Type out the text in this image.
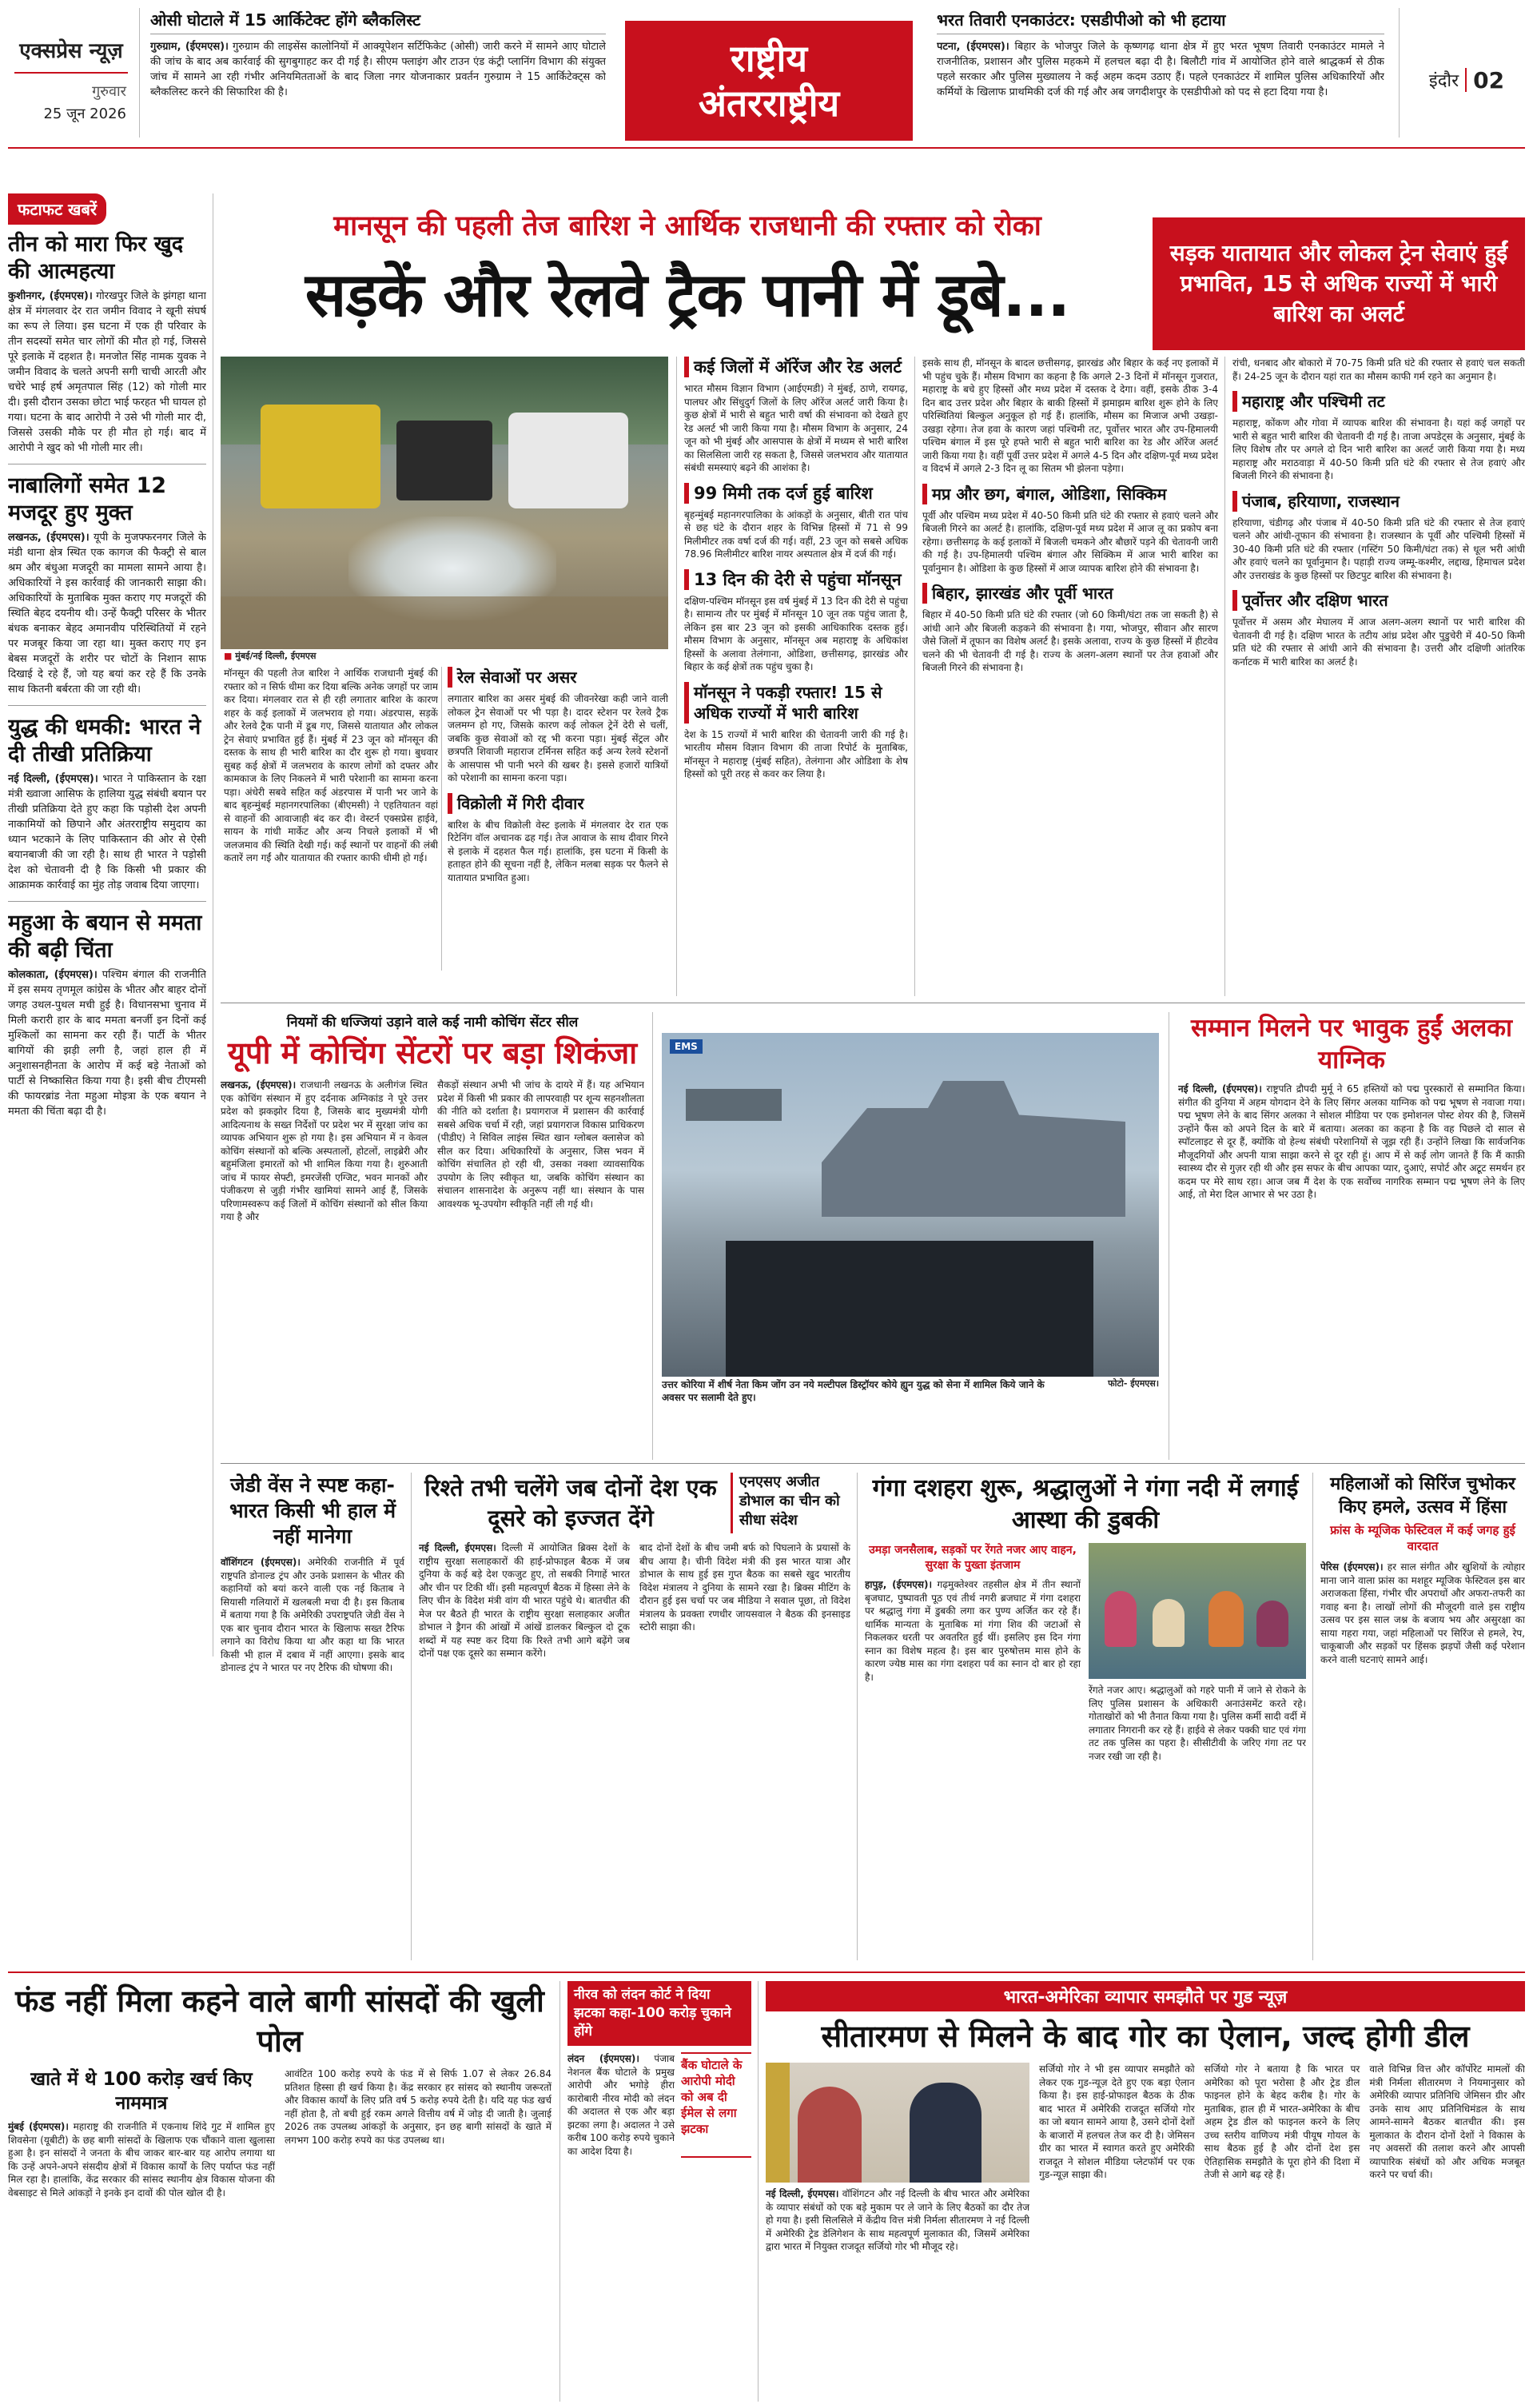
एक्सप्रेस न्यूज़
गुरुवार
25 जून 2026
ओसी घोटाले में 15 आर्किटेक्ट होंगे ब्लैकलिस्ट
गुरुग्राम, (ईएमएस)। गुरुग्राम की लाइसेंस कालोनियों में आक्यूपेशन सर्टिफिकेट (ओसी) जारी करने में सामने आए घोटाले की जांच के बाद अब कार्रवाई की सुगबुगाहट कर दी गई है। सीएम फ्लाइंग और टाउन एंड कंट्री प्लानिंग विभाग की संयुक्त जांच में सामने आ रही गंभीर अनियमितताओं के बाद जिला नगर योजनाकार प्रवर्तन गुरुग्राम ने 15 आर्किटेक्ट्स को ब्लैकलिस्ट करने की सिफारिश की है।
राष्ट्रीय
अंतरराष्ट्रीय
भरत तिवारी एनकाउंटर: एसडीपीओ को भी हटाया
पटना, (ईएमएस)। बिहार के भोजपुर जिले के कृष्णगढ़ थाना क्षेत्र में हुए भरत भूषण तिवारी एनकाउंटर मामले ने राजनीतिक, प्रशासन और पुलिस महकमे में हलचल बढ़ा दी है। बिलौटी गांव में आयोजित होने वाले श्राद्धकर्म से ठीक पहले सरकार और पुलिस मुख्यालय ने कई अहम कदम उठाए हैं। पहले एनकाउंटर में शामिल पुलिस अधिकारियों और कर्मियों के खिलाफ प्राथमिकी दर्ज की गई और अब जगदीशपुर के एसडीपीओ को पद से हटा दिया गया है।
इंदौर 02
फटाफट खबरें
तीन को मारा फिर खुद की आत्महत्या
कुशीनगर, (ईएमएस)। गोरखपुर जिले के झंगहा थाना क्षेत्र में मंगलवार देर रात जमीन विवाद ने खूनी संघर्ष का रूप ले लिया। इस घटना में एक ही परिवार के तीन सदस्यों समेत चार लोगों की मौत हो गई, जिससे पूरे इलाके में दहशत है। मनजोत सिंह नामक युवक ने जमीन विवाद के चलते अपनी सगी चाची आरती और चचेरे भाई हर्ष अमृतपाल सिंह (12) को गोली मार दी। इसी दौरान उसका छोटा भाई फरहत भी घायल हो गया। घटना के बाद आरोपी ने उसे भी गोली मार दी, जिससे उसकी मौके पर ही मौत हो गई। बाद में आरोपी ने खुद को भी गोली मार ली।
नाबालिगों समेत 12 मजदूर हुए मुक्त
लखनऊ, (ईएमएस)। यूपी के मुजफ्फरनगर जिले के मंडी थाना क्षेत्र स्थित एक कागज की फैक्ट्री से बाल श्रम और बंधुआ मजदूरी का मामला सामने आया है। अधिकारियों ने इस कार्रवाई की जानकारी साझा की। अधिकारियों के मुताबिक मुक्त कराए गए मजदूरों की स्थिति बेहद दयनीय थी। उन्हें फैक्ट्री परिसर के भीतर बंधक बनाकर बेहद अमानवीय परिस्थितियों में रहने पर मजबूर किया जा रहा था। मुक्त कराए गए इन बेबस मजदूरों के शरीर पर चोटों के निशान साफ दिखाई दे रहे हैं, जो यह बयां कर रहे हैं कि उनके साथ कितनी बर्बरता की जा रही थी।
युद्ध की धमकी: भारत ने दी तीखी प्रतिक्रिया
नई दिल्ली, (ईएमएस)। भारत ने पाकिस्तान के रक्षा मंत्री ख्वाजा आसिफ के हालिया युद्ध संबंधी बयान पर तीखी प्रतिक्रिया देते हुए कहा कि पड़ोसी देश अपनी नाकामियों को छिपाने और अंतरराष्ट्रीय समुदाय का ध्यान भटकाने के लिए पाकिस्तान की ओर से ऐसी बयानबाजी की जा रही है। साथ ही भारत ने पड़ोसी देश को चेतावनी दी है कि किसी भी प्रकार की आक्रामक कार्रवाई का मुंह तोड़ जवाब दिया जाएगा।
महुआ के बयान से ममता की बढ़ी चिंता
कोलकाता, (ईएमएस)। पश्चिम बंगाल की राजनीति में इस समय तृणमूल कांग्रेस के भीतर और बाहर दोनों जगह उथल-पुथल मची हुई है। विधानसभा चुनाव में मिली करारी हार के बाद ममता बनर्जी इन दिनों कई मुश्किलों का सामना कर रही हैं। पार्टी के भीतर बागियों की झड़ी लगी है, जहां हाल ही में अनुशासनहीनता के आरोप में कई बड़े नेताओं को पार्टी से निष्कासित किया गया है। इसी बीच टीएमसी की फायरब्रांड नेता महुआ मोइत्रा के एक बयान ने ममता की चिंता बढ़ा दी है।
मानसून की पहली तेज बारिश ने आर्थिक राजधानी की रफ्तार को रोका
सड़कें और रेलवे ट्रैक पानी में डूबे...
सड़क यातायात और लोकल ट्रेन सेवाएं हुईं प्रभावित, 15 से अधिक राज्यों में भारी बारिश का अलर्ट
■ मुंबई/नई दिल्ली, ईएमएस
मॉनसून की पहली तेज बारिश ने आर्थिक राजधानी मुंबई की रफ्तार को न सिर्फ धीमा कर दिया बल्कि अनेक जगहों पर जाम कर दिया। मंगलवार रात से ही रही लगातार बारिश के कारण शहर के कई इलाकों में जलभराव हो गया। अंडरपास, सड़कें और रेलवे ट्रैक पानी में डूब गए, जिससे यातायात और लोकल ट्रेन सेवाएं प्रभावित हुई हैं। मुंबई में 23 जून को मॉनसून की दस्तक के साथ ही भारी बारिश का दौर शुरू हो गया। बुधवार सुबह कई क्षेत्रों में जलभराव के कारण लोगों को दफ्तर और कामकाज के लिए निकलने में भारी परेशानी का सामना करना पड़ा। अंधेरी सबवे सहित कई अंडरपास में पानी भर जाने के बाद बृहन्मुंबई महानगरपालिका (बीएमसी) ने एहतियातन वहां से वाहनों की आवाजाही बंद कर दी। वेस्टर्न एक्सप्रेस हाईवे, सायन के गांधी मार्केट और अन्य निचले इलाकों में भी जलजमाव की स्थिति देखी गई। कई स्थानों पर वाहनों की लंबी कतारें लग गईं और यातायात की रफ्तार काफी धीमी हो गई।
रेल सेवाओं पर असर
लगातार बारिश का असर मुंबई की जीवनरेखा कही जाने वाली लोकल ट्रेन सेवाओं पर भी पड़ा है। दादर स्टेशन पर रेलवे ट्रैक जलमग्न हो गए, जिसके कारण कई लोकल ट्रेनें देरी से चलीं, जबकि कुछ सेवाओं को रद्द भी करना पड़ा। मुंबई सेंट्रल और छत्रपति शिवाजी महाराज टर्मिनस सहित कई अन्य रेलवे स्टेशनों के आसपास भी पानी भरने की खबर है। इससे हजारों यात्रियों को परेशानी का सामना करना पड़ा।
विक्रोली में गिरी दीवार
बारिश के बीच विक्रोली वेस्ट इलाके में मंगलवार देर रात एक रिटेनिंग वॉल अचानक ढह गई। तेज आवाज के साथ दीवार गिरने से इलाके में दहशत फैल गई। हालांकि, इस घटना में किसी के हताहत होने की सूचना नहीं है, लेकिन मलबा सड़क पर फैलने से यातायात प्रभावित हुआ।
कई जिलों में ऑरेंज और रेड अलर्ट
भारत मौसम विज्ञान विभाग (आईएमडी) ने मुंबई, ठाणे, रायगढ़, पालघर और सिंधुदुर्ग जिलों के लिए ऑरेंज अलर्ट जारी किया है। कुछ क्षेत्रों में भारी से बहुत भारी वर्षा की संभावना को देखते हुए रेड अलर्ट भी जारी किया गया है। मौसम विभाग के अनुसार, 24 जून को भी मुंबई और आसपास के क्षेत्रों में मध्यम से भारी बारिश का सिलसिला जारी रह सकता है, जिससे जलभराव और यातायात संबंधी समस्याएं बढ़ने की आशंका है।
99 मिमी तक दर्ज हुई बारिश
बृहन्मुंबई महानगरपालिका के आंकड़ों के अनुसार, बीती रात पांच से छह घंटे के दौरान शहर के विभिन्न हिस्सों में 71 से 99 मिलीमीटर तक वर्षा दर्ज की गई। वहीं, 23 जून को सबसे अधिक 78.96 मिलीमीटर बारिश नायर अस्पताल क्षेत्र में दर्ज की गई।
13 दिन की देरी से पहुंचा मॉनसून
दक्षिण-पश्चिम मॉनसून इस वर्ष मुंबई में 13 दिन की देरी से पहुंचा है। सामान्य तौर पर मुंबई में मॉनसून 10 जून तक पहुंच जाता है, लेकिन इस बार 23 जून को इसकी आधिकारिक दस्तक हुई। मौसम विभाग के अनुसार, मॉनसून अब महाराष्ट्र के अधिकांश हिस्सों के अलावा तेलंगाना, ओडिशा, छत्तीसगढ़, झारखंड और बिहार के कई क्षेत्रों तक पहुंच चुका है।
मॉनसून ने पकड़ी रफ्तार! 15 से अधिक राज्यों में भारी बारिश
देश के 15 राज्यों में भारी बारिश की चेतावनी जारी की गई है। भारतीय मौसम विज्ञान विभाग की ताजा रिपोर्ट के मुताबिक, मॉनसून ने महाराष्ट्र (मुंबई सहित), तेलंगाना और ओडिशा के शेष हिस्सों को पूरी तरह से कवर कर लिया है।
इसके साथ ही, मॉनसून के बादल छत्तीसगढ़, झारखंड और बिहार के कई नए इलाकों में भी पहुंच चुके हैं। मौसम विभाग का कहना है कि अगले 2-3 दिनों में मॉनसून गुजरात, महाराष्ट्र के बचे हुए हिस्सों और मध्य प्रदेश में दस्तक दे देगा। वहीं, इसके ठीक 3-4 दिन बाद उत्तर प्रदेश और बिहार के बाकी हिस्सों में झमाझम बारिश शुरू होने के लिए परिस्थितियां बिल्कुल अनुकूल हो गई हैं। हालांकि, मौसम का मिजाज अभी उखड़ा-उखड़ा रहेगा। तेज हवा के कारण जहां पश्चिमी तट, पूर्वोत्तर भारत और उप-हिमालयी पश्चिम बंगाल में इस पूरे हफ्ते भारी से बहुत भारी बारिश का रेड और ऑरेंज अलर्ट जारी किया गया है। वहीं पूर्वी उत्तर प्रदेश में अगले 4-5 दिन और दक्षिण-पूर्व मध्य प्रदेश व विदर्भ में अगले 2-3 दिन लू का सितम भी झेलना पड़ेगा।
मप्र और छग, बंगाल, ओडिशा, सिक्किम
पूर्वी और पश्चिम मध्य प्रदेश में 40-50 किमी प्रति घंटे की रफ्तार से हवाएं चलने और बिजली गिरने का अलर्ट है। हालांकि, दक्षिण-पूर्व मध्य प्रदेश में आज लू का प्रकोप बना रहेगा। छत्तीसगढ़ के कई इलाकों में बिजली चमकने और बौछारें पड़ने की चेतावनी जारी की गई है। उप-हिमालयी पश्चिम बंगाल और सिक्किम में आज भारी बारिश का पूर्वानुमान है। ओडिशा के कुछ हिस्सों में आज व्यापक बारिश होने की संभावना है।
बिहार, झारखंड और पूर्वी भारत
बिहार में 40-50 किमी प्रति घंटे की रफ्तार (जो 60 किमी/घंटा तक जा सकती है) से आंधी आने और बिजली कड़कने की संभावना है। गया, भोजपुर, सीवान और सारण जैसे जिलों में तूफान का विशेष अलर्ट है। इसके अलावा, राज्य के कुछ हिस्सों में हीटवेव चलने की भी चेतावनी दी गई है। राज्य के अलग-अलग स्थानों पर तेज हवाओं और बिजली गिरने की संभावना है।
रांची, धनबाद और बोकारो में 70-75 किमी प्रति घंटे की रफ्तार से हवाएं चल सकती हैं। 24-25 जून के दौरान यहां रात का मौसम काफी गर्म रहने का अनुमान है।
महाराष्ट्र और पश्चिमी तट
महाराष्ट्र, कोंकण और गोवा में व्यापक बारिश की संभावना है। यहां कई जगहों पर भारी से बहुत भारी बारिश की चेतावनी दी गई है। ताजा अपडेट्स के अनुसार, मुंबई के लिए विशेष तौर पर अगले दो दिन भारी बारिश का अलर्ट जारी किया गया है। मध्य महाराष्ट्र और मराठवाड़ा में 40-50 किमी प्रति घंटे की रफ्तार से तेज हवाएं और बिजली गिरने की संभावना है।
पंजाब, हरियाणा, राजस्थान
हरियाणा, चंडीगढ़ और पंजाब में 40-50 किमी प्रति घंटे की रफ्तार से तेज हवाएं चलने और आंधी-तूफान की संभावना है। राजस्थान के पूर्वी और पश्चिमी हिस्सों में 30-40 किमी प्रति घंटे की रफ्तार (गस्टिंग 50 किमी/घंटा तक) से धूल भरी आंधी और हवाएं चलने का पूर्वानुमान है। पहाड़ी राज्य जम्मू-कश्मीर, लद्दाख, हिमाचल प्रदेश और उत्तराखंड के कुछ हिस्सों पर छिटपुट बारिश की संभावना है।
पूर्वोत्तर और दक्षिण भारत
पूर्वोत्तर में असम और मेघालय में आज अलग-अलग स्थानों पर भारी बारिश की चेतावनी दी गई है। दक्षिण भारत के तटीय आंध्र प्रदेश और पुडुचेरी में 40-50 किमी प्रति घंटे की रफ्तार से आंधी आने की संभावना है। उत्तरी और दक्षिणी आंतरिक कर्नाटक में भारी बारिश का अलर्ट है।
नियमों की धज्जियां उड़ाने वाले कई नामी कोचिंग सेंटर सील
यूपी में कोचिंग सेंटरों पर बड़ा शिकंजा
लखनऊ, (ईएमएस)। राजधानी लखनऊ के अलीगंज स्थित एक कोचिंग संस्थान में हुए दर्दनाक अग्निकांड ने पूरे उत्तर प्रदेश को झकझोर दिया है, जिसके बाद मुख्यमंत्री योगी आदित्यनाथ के सख्त निर्देशों पर प्रदेश भर में सुरक्षा जांच का व्यापक अभियान शुरू हो गया है। इस अभियान में न केवल कोचिंग संस्थानों को बल्कि अस्पतालों, होटलों, लाइब्रेरी और बहुमंजिला इमारतों को भी शामिल किया गया है। शुरुआती जांच में फायर सेफ्टी, इमरजेंसी एग्जिट, भवन मानकों और पंजीकरण से जुड़ी गंभीर खामियां सामने आई हैं, जिसके परिणामस्वरूप कई जिलों में कोचिंग संस्थानों को सील किया गया है और
सैकड़ों संस्थान अभी भी जांच के दायरे में हैं। यह अभियान प्रदेश में किसी भी प्रकार की लापरवाही पर शून्य सहनशीलता की नीति को दर्शाता है। प्रयागराज में प्रशासन की कार्रवाई सबसे अधिक चर्चा में रही, जहां प्रयागराज विकास प्राधिकरण (पीडीए) ने सिविल लाइंस स्थित खान ग्लोबल क्लासेज को सील कर दिया। अधिकारियों के अनुसार, जिस भवन में कोचिंग संचालित हो रही थी, उसका नक्शा व्यावसायिक उपयोग के लिए स्वीकृत था, जबकि कोचिंग संस्थान का संचालन शासनादेश के अनुरूप नहीं था। संस्थान के पास आवश्यक भू-उपयोग स्वीकृति नहीं ली गई थी।
EMS
उत्तर कोरिया में शीर्ष नेता किम जोंग उन नये मल्टीपल डिस्ट्रॉयर कोये ह्युन युद्ध को सेना में शामिल किये जाने के अवसर पर सलामी देते हुए।
फोटो- ईएमएस।
सम्मान मिलने पर भावुक हुईं अलका याग्निक
नई दिल्ली, (ईएमएस)। राष्ट्रपति द्रौपदी मुर्मू ने 65 हस्तियों को पद्म पुरस्कारों से सम्मानित किया। संगीत की दुनिया में अहम योगदान देने के लिए सिंगर अलका याग्निक को पद्म भूषण से नवाजा गया। पद्म भूषण लेने के बाद सिंगर अलका ने सोशल मीडिया पर एक इमोशनल पोस्ट शेयर की है, जिसमें उन्होंने फैंस को अपने दिल के बारे में बताया। अलका का कहना है कि वह पिछले दो साल से स्पॉटलाइट से दूर हैं, क्योंकि वो हेल्थ संबंधी परेशानियों से जूझ रही हैं। उन्होंने लिखा कि सार्वजनिक मौजूदगियों और अपनी यात्रा साझा करने से दूर रही हूं। आप में से कई लोग जानते हैं कि मैं काफ़ी स्वास्थ्य दौर से गुज़र रही थी और इस सफर के बीच आपका प्यार, दुआएं, सपोर्ट और अटूट समर्थन हर कदम पर मेरे साथ रहा। आज जब मैं देश के एक सर्वोच्च नागरिक सम्मान पद्म भूषण लेने के लिए आई, तो मेरा दिल आभार से भर उठा है।
जेडी वेंस ने स्पष्ट कहा-भारत किसी भी हाल में नहीं मानेगा
वॉशिंगटन (ईएमएस)। अमेरिकी राजनीति में पूर्व राष्ट्रपति डोनाल्ड ट्रंप और उनके प्रशासन के भीतर की कहानियों को बयां करने वाली एक नई किताब ने सियासी गलियारों में खलबली मचा दी है। इस किताब में बताया गया है कि अमेरिकी उपराष्ट्रपति जेडी वेंस ने एक बार चुनाव दौरान भारत के खिलाफ सख्त टैरिफ लगाने का विरोध किया था और कहा था कि भारत किसी भी हाल में दबाव में नहीं आएगा। इसके बाद डोनाल्ड ट्रंप ने भारत पर नए टैरिफ की घोषणा की।
रिश्ते तभी चलेंगे जब दोनों देश एक दूसरे को इज्जत देंगे
एनएसए अजीत डोभाल का चीन को सीधा संदेश
नई दिल्ली, ईएमएस। दिल्ली में आयोजित ब्रिक्स देशों के राष्ट्रीय सुरक्षा सलाहकारों की हाई-प्रोफाइल बैठक में जब दुनिया के कई बड़े देश एकजुट हुए, तो सबकी निगाहें भारत और चीन पर टिकी थीं। इसी महत्वपूर्ण बैठक में हिस्सा लेने के लिए चीन के विदेश मंत्री वांग यी भारत पहुंचे थे। बातचीत की मेज पर बैठते ही भारत के राष्ट्रीय सुरक्षा सलाहकार अजीत डोभाल ने ड्रैगन की आंखों में आंखें डालकर बिल्कुल दो टूक शब्दों में यह स्पष्ट कर दिया कि रिश्ते तभी आगे बढ़ेंगे जब दोनों पक्ष एक दूसरे का सम्मान करेंगे।
बाद दोनों देशों के बीच जमी बर्फ को पिघलाने के प्रयासों के बीच आया है। चीनी विदेश मंत्री की इस भारत यात्रा और डोभाल के साथ हुई इस गुप्त बैठक का सबसे खुद भारतीय विदेश मंत्रालय ने दुनिया के सामने रखा है। ब्रिक्स मीटिंग के दौरान हुई इस चर्चा पर जब मीडिया ने सवाल पूछा, तो विदेश मंत्रालय के प्रवक्ता रणधीर जायसवाल ने बैठक की इनसाइड स्टोरी साझा की।
गंगा दशहरा शुरू, श्रद्धालुओं ने गंगा नदी में लगाई आस्था की डुबकी
उमड़ा जनसैलाब, सड़कों पर रेंगते नजर आए वाहन, सुरक्षा के पुख्ता इंतजाम
हापुड़, (ईएमएस)। गढ़मुक्तेश्वर तहसील क्षेत्र में तीन स्थानों बृजघाट, पुष्पावती पूठ एवं तीर्थ नगरी ब्रजघाट में गंगा दशहरा पर श्रद्धालु गंगा में डुबकी लगा कर पुण्य अर्जित कर रहे हैं। धार्मिक मान्यता के मुताबिक मां गंगा शिव की जटाओं से निकलकर धरती पर अवतरित हुई थीं। इसलिए इस दिन गंगा स्नान का विशेष महत्व है। इस बार पुरुषोत्तम मास होने के कारण ज्येष्ठ मास का गंगा दशहरा पर्व का स्नान दो बार हो रहा है।
रेंगते नजर आए। श्रद्धालुओं को गहरे पानी में जाने से रोकने के लिए पुलिस प्रशासन के अधिकारी अनाउंसमेंट करते रहे। गोताखोरों को भी तैनात किया गया है। पुलिस कर्मी सादी वर्दी में लगातार निगरानी कर रहे हैं। हाईवे से लेकर पक्की घाट एवं गंगा तट तक पुलिस का पहरा है। सीसीटीवी के जरिए गंगा तट पर नजर रखी जा रही है।
महिलाओं को सिरिंज चुभोकर किए हमले, उत्सव में हिंसा
फ्रांस के म्यूजिक फेस्टिवल में कई जगह हुई वारदात
पेरिस (ईएमएस)। हर साल संगीत और खुशियों के त्योहार माना जाने वाला फ्रांस का मशहूर म्यूजिक फेस्टिवल इस बार अराजकता हिंसा, गंभीर चीर अपराधों और अफरा-तफरी का गवाह बना है। लाखों लोगों की मौजूदगी वाले इस राष्ट्रीय उत्सव पर इस साल जश्न के बजाय भय और असुरक्षा का साया गहरा गया, जहां महिलाओं पर सिरिंज से हमले, रेप, चाकूबाजी और सड़कों पर हिंसक झड़पों जैसी कई परेशान करने वाली घटनाएं सामने आई।
फंड नहीं मिला कहने वाले बागी सांसदों की खुली पोल
खाते में थे 100 करोड़ खर्च किए नाममात्र
मुंबई (ईएमएस)। महाराष्ट्र की राजनीति में एकनाथ शिंदे गुट में शामिल हुए शिवसेना (यूबीटी) के छह बागी सांसदों के खिलाफ एक चौंकाने वाला खुलासा हुआ है। इन सांसदों ने जनता के बीच जाकर बार-बार यह आरोप लगाया था कि उन्हें अपने-अपने संसदीय क्षेत्रों में विकास कार्यों के लिए पर्याप्त फंड नहीं मिल रहा है। हालांकि, केंद्र सरकार की सांसद स्थानीय क्षेत्र विकास योजना की वेबसाइट से मिले आंकड़ों ने इनके इन दावों की पोल खोल दी है।
आवंटित 100 करोड़ रुपये के फंड में से सिर्फ 1.07 से लेकर 26.84 प्रतिशत हिस्सा ही खर्च किया है। केंद्र सरकार हर सांसद को स्थानीय जरूरतों और विकास कार्यों के लिए प्रति वर्ष 5 करोड़ रुपये देती है। यदि यह फंड खर्च नहीं होता है, तो बची हुई रकम अगले वित्तीय वर्ष में जोड़ दी जाती है। जुलाई 2026 तक उपलब्ध आंकड़ों के अनुसार, इन छह बागी सांसदों के खाते में लगभग 100 करोड़ रुपये का फंड उपलब्ध था।
नीरव को लंदन कोर्ट ने दिया झटका कहा-100 करोड़ चुकाने होंगे
लंदन (ईएमएस)। पंजाब नेशनल बैंक घोटाले के प्रमुख आरोपी और भगोड़े हीरा कारोबारी नीरव मोदी को लंदन की अदालत से एक और बड़ा झटका लगा है। अदालत ने उसे करीब 100 करोड़ रुपये चुकाने का आदेश दिया है।
बैंक घोटाले के आरोपी मोदी को अब दी ईमेल से लगा झटका
भारत-अमेरिका व्यापार समझौते पर गुड न्यूज़
सीतारमण से मिलने के बाद गोर का ऐलान, जल्द होगी डील
नई दिल्ली, ईएमएस। वॉशिंगटन और नई दिल्ली के बीच भारत और अमेरिका के व्यापार संबंधों को एक बड़े मुकाम पर ले जाने के लिए बैठकों का दौर तेज हो गया है। इसी सिलसिले में केंद्रीय वित्त मंत्री निर्मला सीतारमण ने नई दिल्ली में अमेरिकी ट्रेड डेलिगेशन के साथ महत्वपूर्ण मुलाकात की, जिसमें अमेरिका द्वारा भारत में नियुक्त राजदूत सर्जियो गोर भी मौजूद रहे।
सर्जियो गोर ने भी इस व्यापार समझौते को लेकर एक गुड-न्यूज़ देते हुए एक बड़ा ऐलान किया है। इस हाई-प्रोफाइल बैठक के ठीक बाद भारत में अमेरिकी राजदूत सर्जियो गोर का जो बयान सामने आया है, उसने दोनों देशों के बाजारों में हलचल तेज कर दी है। जेमिसन ग्रीर का भारत में स्वागत करते हुए अमेरिकी राजदूत ने सोशल मीडिया प्लेटफॉर्म पर एक गुड-न्यूज़ साझा की।
सर्जियो गोर ने बताया है कि भारत पर अमेरिका को पूरा भरोसा है और ट्रेड डील फाइनल होने के बेहद करीब है। गोर के मुताबिक, हाल ही में भारत-अमेरिका के बीच अहम ट्रेड डील को फाइनल करने के लिए उच्च स्तरीय वाणिज्य मंत्री पीयूष गोयल के साथ बैठक हुई है और दोनों देश इस ऐतिहासिक समझौते के पूरा होने की दिशा में तेजी से आगे बढ़ रहे हैं।
वाले विभिन्न वित्त और कॉर्पोरेट मामलों की मंत्री निर्मला सीतारमण ने नियमानुसार को अमेरिकी व्यापार प्रतिनिधि जेमिसन ग्रीर और उनके साथ आए प्रतिनिधिमंडल के साथ आमने-सामने बैठकर बातचीत की। इस मुलाकात के दौरान दोनों देशों ने विकास के नए अवसरों की तलाश करने और आपसी व्यापारिक संबंधों को और अधिक मजबूत करने पर चर्चा की।
